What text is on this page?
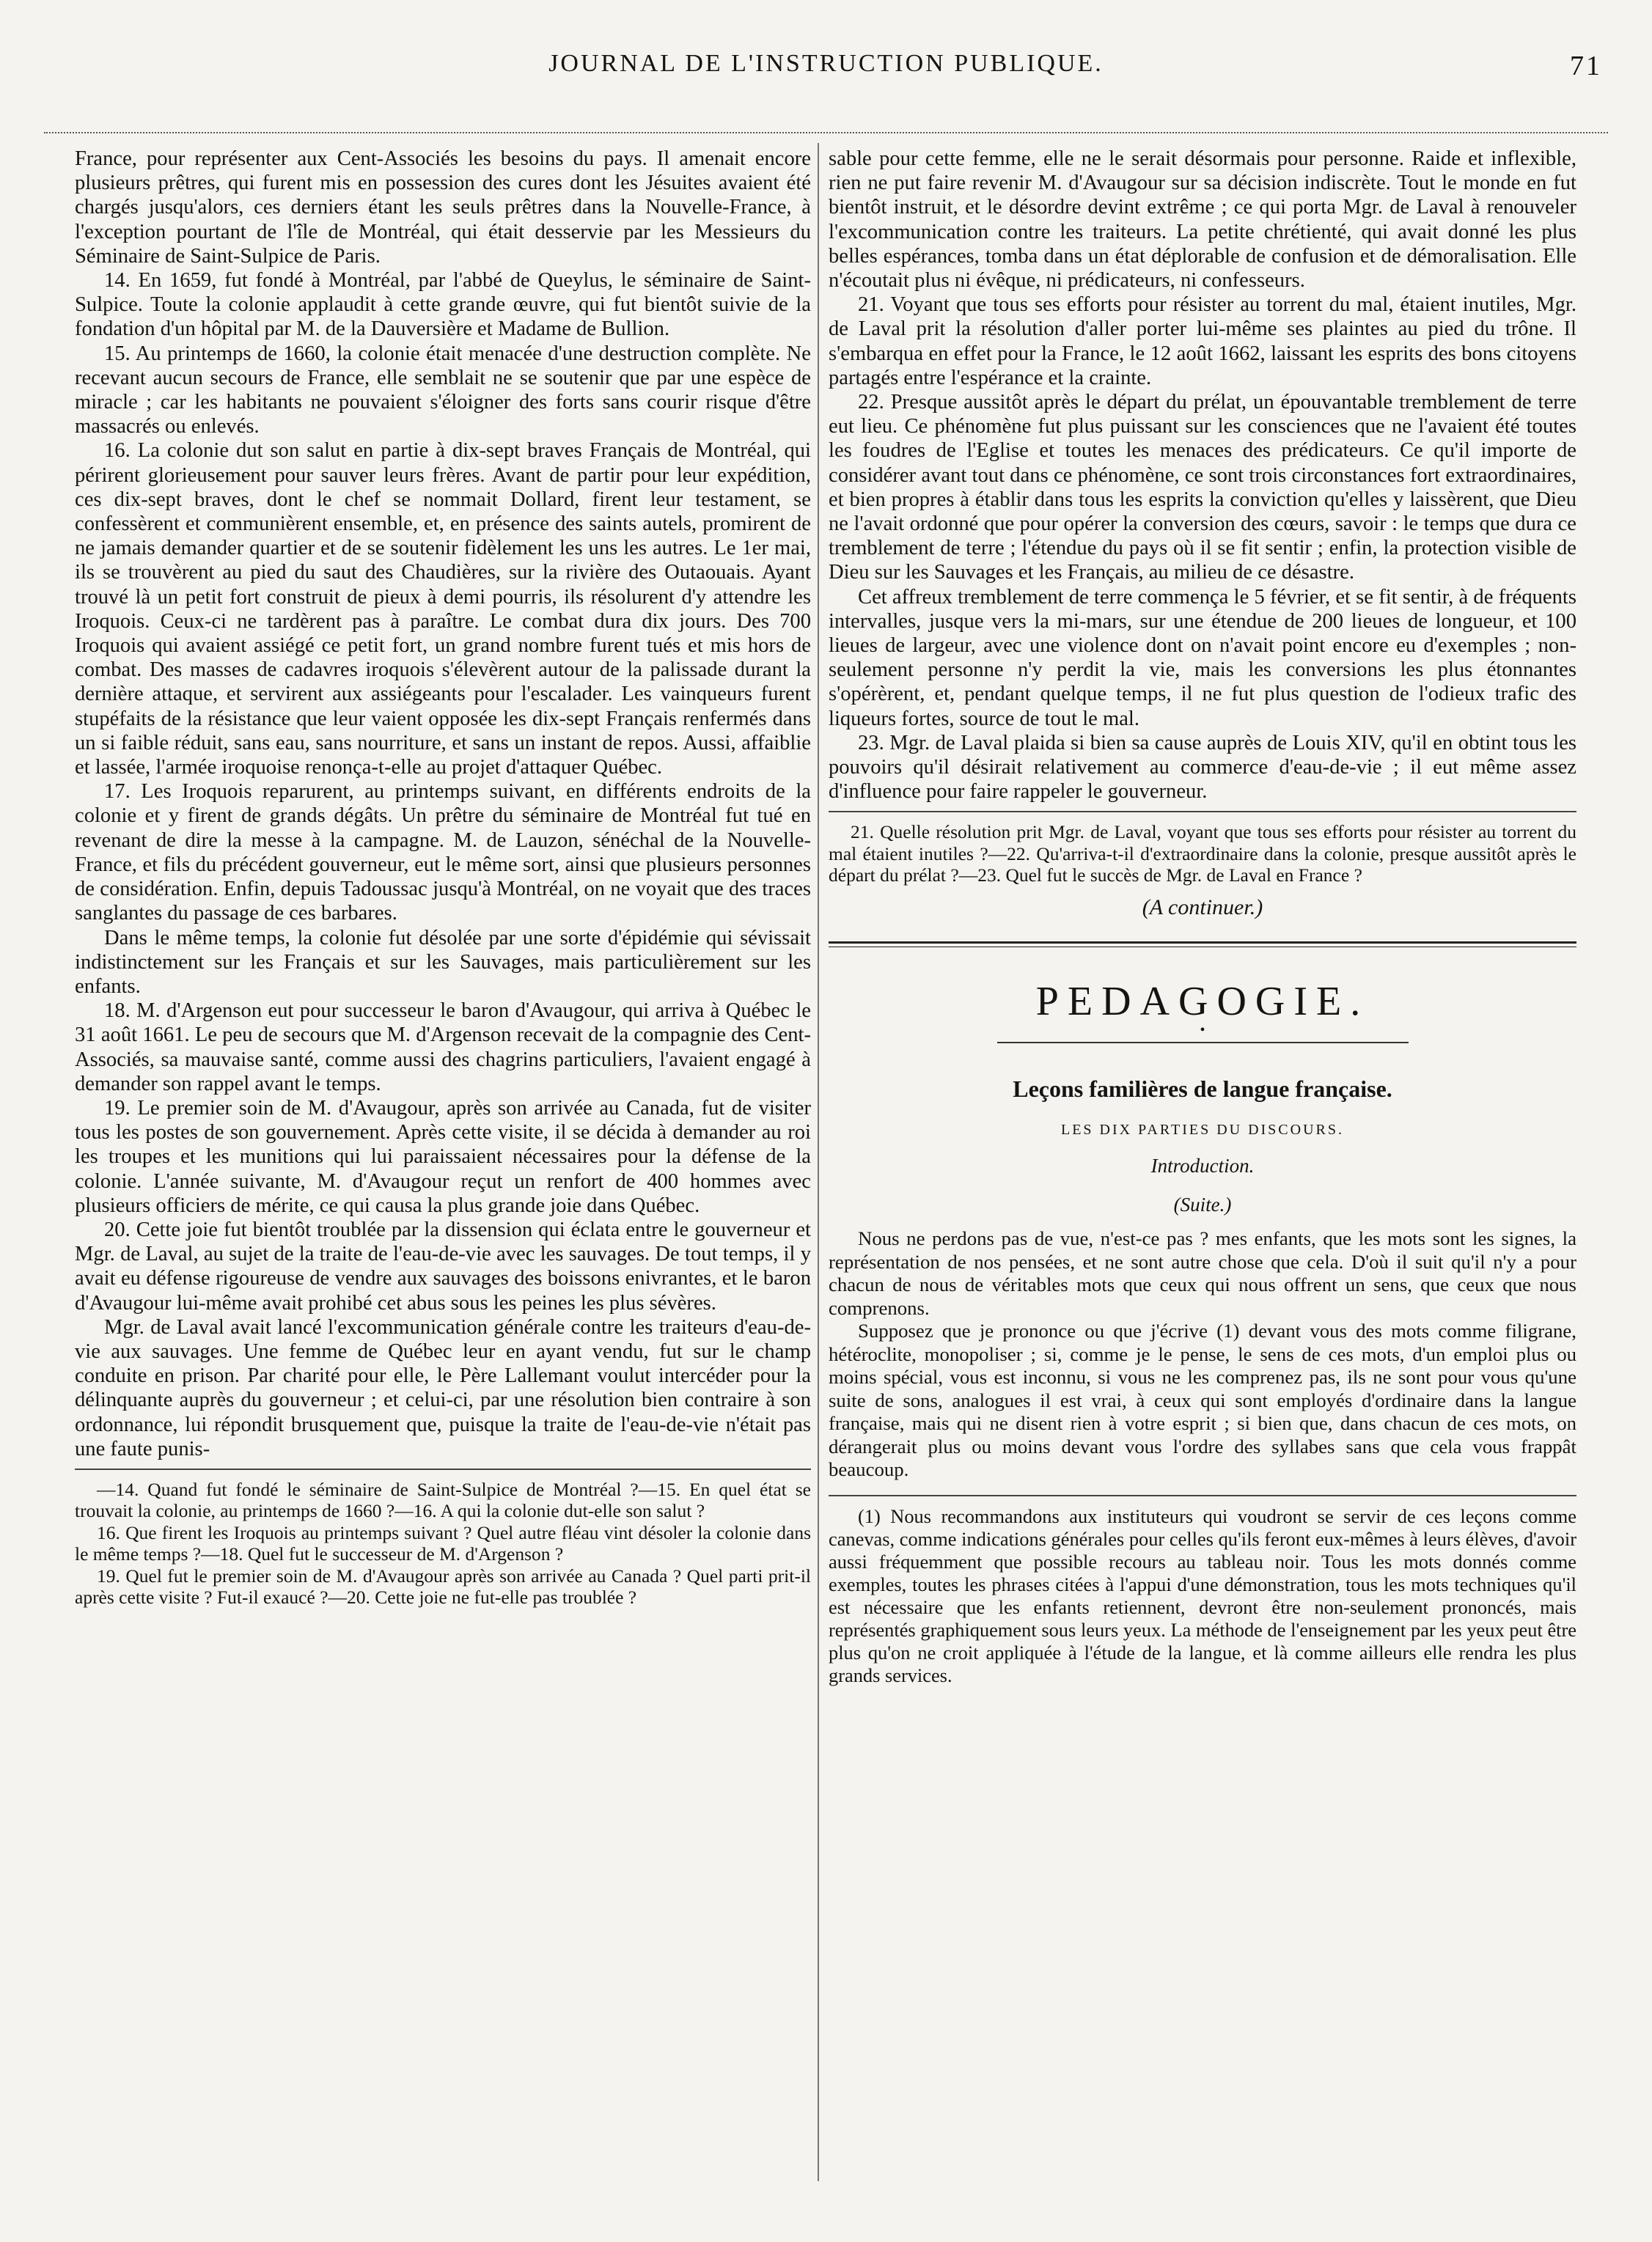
JOURNAL DE L'INSTRUCTION PUBLIQUE.	71

France, pour représenter aux Cent-Associés les besoins du pays. Il amenait encore plusieurs prêtres, qui furent mis en possession des cures dont les Jésuites avaient été chargés jusqu'alors, ces derniers étant les seuls prêtres dans la Nouvelle-France, à l'exception pourtant de l'île de Montréal, qui était desservie par les Messieurs du Séminaire de Saint-Sulpice de Paris.

14. En 1659, fut fondé à Montréal, par l'abbé de Queylus, le séminaire de Saint-Sulpice. Toute la colonie applaudit à cette grande œuvre, qui fut bientôt suivie de la fondation d'un hôpital par M. de la Dauversière et Madame de Bullion.

15. Au printemps de 1660, la colonie était menacée d'une destruction complète. Ne recevant aucun secours de France, elle semblait ne se soutenir que par une espèce de miracle ; car les habitants ne pouvaient s'éloigner des forts sans courir risque d'être massacrés ou enlevés.

16. La colonie dut son salut en partie à dix-sept braves Français de Montréal, qui périrent glorieusement pour sauver leurs frères. Avant de partir pour leur expédition, ces dix-sept braves, dont le chef se nommait Dollard, firent leur testament, se confessèrent et communièrent ensemble, et, en présence des saints autels, promirent de ne jamais demander quartier et de se soutenir fidèlement les uns les autres. Le 1er mai, ils se trouvèrent au pied du saut des Chaudières, sur la rivière des Outaouais. Ayant trouvé là un petit fort construit de pieux à demi pourris, ils résolurent d'y attendre les Iroquois. Ceux-ci ne tardèrent pas à paraître. Le combat dura dix jours. Des 700 Iroquois qui avaient assiégé ce petit fort, un grand nombre furent tués et mis hors de combat. Des masses de cadavres iroquois s'élevèrent autour de la palissade durant la dernière attaque, et servirent aux assiégeants pour l'escalader. Les vainqueurs furent stupéfaits de la résistance que leur vaient opposée les dix-sept Français renfermés dans un si faible réduit, sans eau, sans nourriture, et sans un instant de repos. Aussi, affaiblie et lassée, l'armée iroquoise renonça-t-elle au projet d'attaquer Québec.

17. Les Iroquois reparurent, au printemps suivant, en différents endroits de la colonie et y firent de grands dégâts. Un prêtre du séminaire de Montréal fut tué en revenant de dire la messe à la campagne. M. de Lauzon, sénéchal de la Nouvelle-France, et fils du précédent gouverneur, eut le même sort, ainsi que plusieurs personnes de considération. Enfin, depuis Tadoussac jusqu'à Montréal, on ne voyait que des traces sanglantes du passage de ces barbares.

Dans le même temps, la colonie fut désolée par une sorte d'épidémie qui sévissait indistinctement sur les Français et sur les Sauvages, mais particulièrement sur les enfants.

18. M. d'Argenson eut pour successeur le baron d'Avaugour, qui arriva à Québec le 31 août 1661. Le peu de secours que M. d'Argenson recevait de la compagnie des Cent-Associés, sa mauvaise santé, comme aussi des chagrins particuliers, l'avaient engagé à demander son rappel avant le temps.

19. Le premier soin de M. d'Avaugour, après son arrivée au Canada, fut de visiter tous les postes de son gouvernement. Après cette visite, il se décida à demander au roi les troupes et les munitions qui lui paraissaient nécessaires pour la défense de la colonie. L'année suivante, M. d'Avaugour reçut un renfort de 400 hommes avec plusieurs officiers de mérite, ce qui causa la plus grande joie dans Québec.

20. Cette joie fut bientôt troublée par la dissension qui éclata entre le gouverneur et Mgr. de Laval, au sujet de la traite de l'eau-de-vie avec les sauvages. De tout temps, il y avait eu défense rigoureuse de vendre aux sauvages des boissons enivrantes, et le baron d'Avaugour lui-même avait prohibé cet abus sous les peines les plus sévères.

Mgr. de Laval avait lancé l'excommunication générale contre les traiteurs d'eau-de-vie aux sauvages. Une femme de Québec leur en ayant vendu, fut sur le champ conduite en prison. Par charité pour elle, le Père Lallemant voulut intercéder pour la délinquante auprès du gouverneur ; et celui-ci, par une résolution bien contraire à son ordonnance, lui répondit brusquement que, puisque la traite de l'eau-de-vie n'était pas une faute punis-

—14. Quand fut fondé le séminaire de Saint-Sulpice de Montréal ?—15. En quel état se trouvait la colonie, au printemps de 1660 ?—16. A qui la colonie dut-elle son salut ?

16. Que firent les Iroquois au printemps suivant ? Quel autre fléau vint désoler la colonie dans le même temps ?—18. Quel fut le successeur de M. d'Argenson ?

19. Quel fut le premier soin de M. d'Avaugour après son arrivée au Canada ? Quel parti prit-il après cette visite ? Fut-il exaucé ?—20. Cette joie ne fut-elle pas troublée ?

sable pour cette femme, elle ne le serait désormais pour personne. Raide et inflexible, rien ne put faire revenir M. d'Avaugour sur sa décision indiscrète. Tout le monde en fut bientôt instruit, et le désordre devint extrême ; ce qui porta Mgr. de Laval à renouveler l'excommunication contre les traiteurs. La petite chrétienté, qui avait donné les plus belles espérances, tomba dans un état déplorable de confusion et de démoralisation. Elle n'écoutait plus ni évêque, ni prédicateurs, ni confesseurs.

21. Voyant que tous ses efforts pour résister au torrent du mal, étaient inutiles, Mgr. de Laval prit la résolution d'aller porter lui-même ses plaintes au pied du trône. Il s'embarqua en effet pour la France, le 12 août 1662, laissant les esprits des bons citoyens partagés entre l'espérance et la crainte.

22. Presque aussitôt après le départ du prélat, un épouvantable tremblement de terre eut lieu. Ce phénomène fut plus puissant sur les consciences que ne l'avaient été toutes les foudres de l'Eglise et toutes les menaces des prédicateurs. Ce qu'il importe de considérer avant tout dans ce phénomène, ce sont trois circonstances fort extraordinaires, et bien propres à établir dans tous les esprits la conviction qu'elles y laissèrent, que Dieu ne l'avait ordonné que pour opérer la conversion des cœurs, savoir : le temps que dura ce tremblement de terre ; l'étendue du pays où il se fit sentir ; enfin, la protection visible de Dieu sur les Sauvages et les Français, au milieu de ce désastre.

Cet affreux tremblement de terre commença le 5 février, et se fit sentir, à de fréquents intervalles, jusque vers la mi-mars, sur une étendue de 200 lieues de longueur, et 100 lieues de largeur, avec une violence dont on n'avait point encore eu d'exemples ; non-seulement personne n'y perdit la vie, mais les conversions les plus étonnantes s'opérèrent, et, pendant quelque temps, il ne fut plus question de l'odieux trafic des liqueurs fortes, source de tout le mal.

23. Mgr. de Laval plaida si bien sa cause auprès de Louis XIV, qu'il en obtint tous les pouvoirs qu'il désirait relativement au commerce d'eau-de-vie ; il eut même assez d'influence pour faire rappeler le gouverneur.

21. Quelle résolution prit Mgr. de Laval, voyant que tous ses efforts pour résister au torrent du mal étaient inutiles ?—22. Qu'arriva-t-il d'extraordinaire dans la colonie, presque aussitôt après le départ du prélat ?—23. Quel fut le succès de Mgr. de Laval en France ?

(A continuer.)
PEDAGOGIE.
•
Leçons familières de langue française.
LES DIX PARTIES DU DISCOURS.
Introduction.
(Suite.)

Nous ne perdons pas de vue, n'est-ce pas ? mes enfants, que les mots sont les signes, la représentation de nos pensées, et ne sont autre chose que cela. D'où il suit qu'il n'y a pour chacun de nous de véritables mots que ceux qui nous offrent un sens, que ceux que nous comprenons.

Supposez que je prononce ou que j'écrive (1) devant vous des mots comme filigrane, hétéroclite, monopoliser ; si, comme je le pense, le sens de ces mots, d'un emploi plus ou moins spécial, vous est inconnu, si vous ne les comprenez pas, ils ne sont pour vous qu'une suite de sons, analogues il est vrai, à ceux qui sont employés d'ordinaire dans la langue française, mais qui ne disent rien à votre esprit ; si bien que, dans chacun de ces mots, on dérangerait plus ou moins devant vous l'ordre des syllabes sans que cela vous frappât beaucoup.

(1) Nous recommandons aux instituteurs qui voudront se servir de ces leçons comme canevas, comme indications générales pour celles qu'ils feront eux-mêmes à leurs élèves, d'avoir aussi fréquemment que possible recours au tableau noir. Tous les mots donnés comme exemples, toutes les phrases citées à l'appui d'une démonstration, tous les mots techniques qu'il est nécessaire que les enfants retiennent, devront être non-seulement prononcés, mais représentés graphiquement sous leurs yeux. La méthode de l'enseignement par les yeux peut être plus qu'on ne croit appliquée à l'étude de la langue, et là comme ailleurs elle rendra les plus grands services.
